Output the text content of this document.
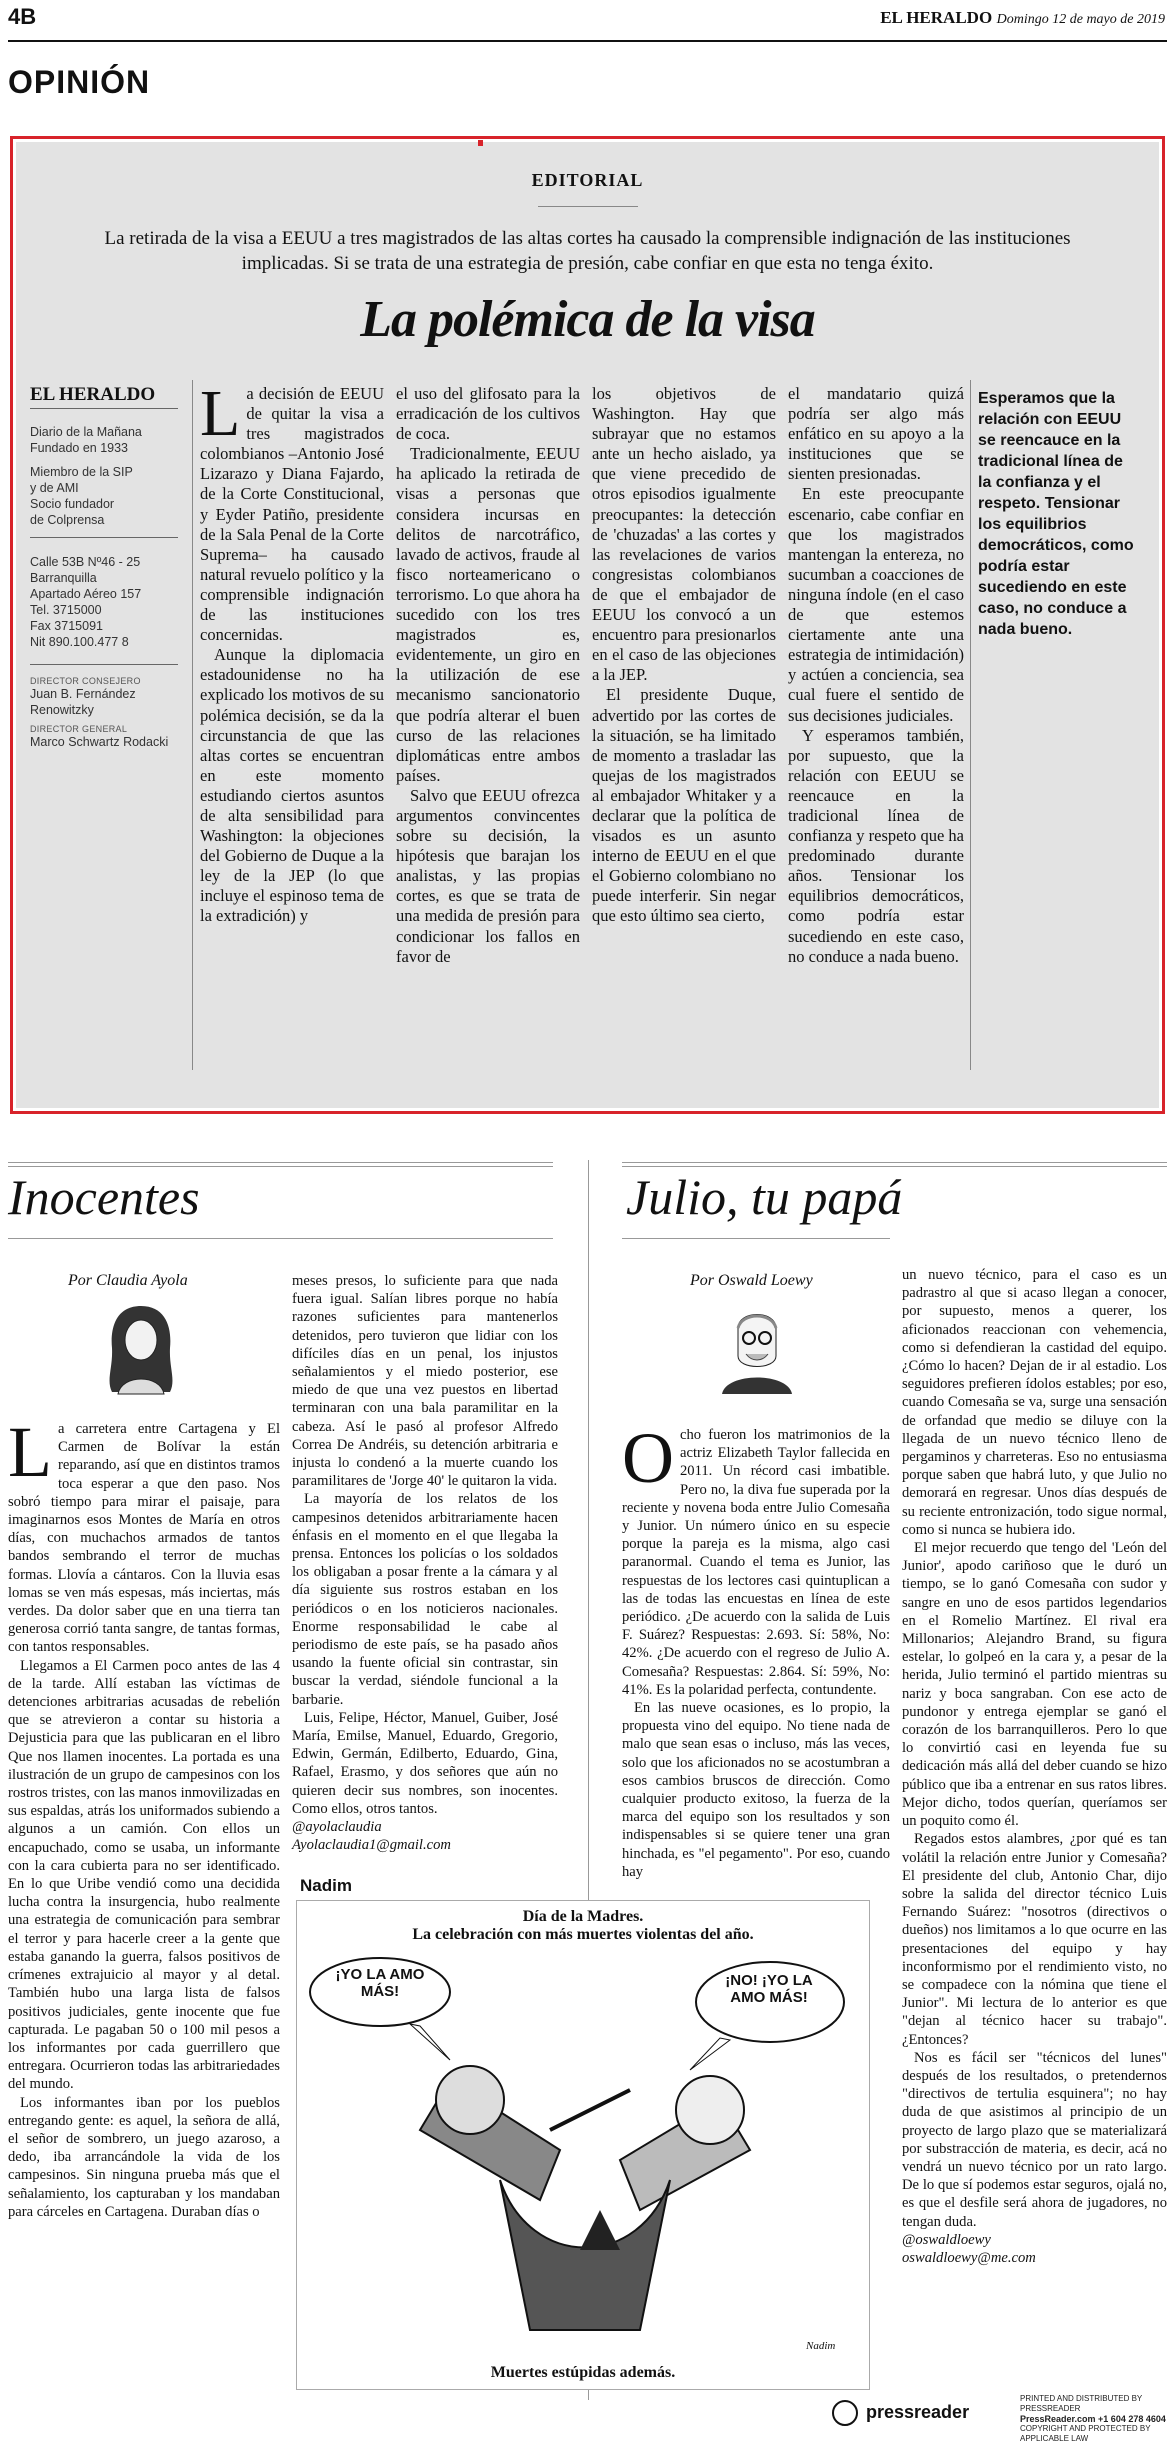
4B	EL HERALDO Domingo 12 de mayo de 2019
OPINIÓN
EDITORIAL
La retirada de la visa a EEUU a tres magistrados de las altas cortes ha causado la comprensible indignación de las instituciones implicadas. Si se trata de una estrategia de presión, cabe confiar en que esta no tenga éxito.
La polémica de la visa
EL HERALDO
Diario de la Mañana
Fundado en 1933
Miembro de la SIP
y de AMI
Socio fundador
de Colprensa
Calle 53B Nº46 - 25
Barranquilla
Apartado Aéreo 157
Tel. 3715000
Fax 3715091
Nit 890.100.477 8
DIRECTOR CONSEJERO
Juan B. Fernández
Renowitzky
DIRECTOR GENERAL
Marco Schwartz Rodacki

La decisión de EEUU de quitar la visa a tres magistrados colombianos –Antonio José Lizarazo y Diana Fajardo, de la Corte Constitucional, y Eyder Patiño, presidente de la Sala Penal de la Corte Suprema– ha causado natural revuelo político y la comprensible indignación de las instituciones concernidas.

Aunque la diplomacia estadounidense no ha explicado los motivos de su polémica decisión, se da la circunstancia de que las altas cortes se encuentran en este momento estudiando ciertos asuntos de alta sensibilidad para Washington: la objeciones del Gobierno de Duque a la ley de la JEP (lo que incluye el espinoso tema de la extradición) y

el uso del glifosato para la erradicación de los cultivos de coca.

Tradicionalmente, EEUU ha aplicado la retirada de visas a personas que considera incursas en delitos de narcotráfico, lavado de activos, fraude al fisco norteamericano o terrorismo. Lo que ahora ha sucedido con los tres magistrados es, evidentemente, un giro en la utilización de ese mecanismo sancionatorio que podría alterar el buen curso de las relaciones diplomáticas entre ambos países.

Salvo que EEUU ofrezca argumentos convincentes sobre su decisión, la hipótesis que barajan los analistas, y las propias cortes, es que se trata de una medida de presión para condicionar los fallos en favor de

los objetivos de Washington. Hay que subrayar que no estamos ante un hecho aislado, ya que viene precedido de otros episodios igualmente preocupantes: la detección de 'chuzadas' a las cortes y las revelaciones de varios congresistas colombianos de que el embajador de EEUU los convocó a un encuentro para presionarlos en el caso de las objeciones a la JEP.

El presidente Duque, advertido por las cortes de la situación, se ha limitado de momento a trasladar las quejas de los magistrados al embajador Whitaker y a declarar que la política de visados es un asunto interno de EEUU en el que el Gobierno colombiano no puede interferir. Sin negar que esto último sea cierto,

el mandatario quizá podría ser algo más enfático en su apoyo a la instituciones que se sienten presionadas.

En este preocupante escenario, cabe confiar en que los magistrados mantengan la entereza, no sucumban a coacciones de ninguna índole (en el caso de que estemos ciertamente ante una estrategia de intimidación) y actúen a conciencia, sea cual fuere el sentido de sus decisiones judiciales.

Y esperamos también, por supuesto, que la relación con EEUU se reencauce en la tradicional línea de confianza y respeto que ha predominado durante años. Tensionar los equilibrios democráticos, como podría estar sucediendo en este caso, no conduce a nada bueno.

Esperamos que la relación con EEUU se reencauce en la tradicional línea de la confianza y el respeto. Tensionar los equilibrios democráticos, como podría estar sucediendo en este caso, no conduce a nada bueno.
Inocentes
Por Claudia Ayola

La carretera entre Cartagena y El Carmen de Bolívar la están reparando, así que en distintos tramos toca esperar a que den paso. Nos sobró tiempo para mirar el paisaje, para imaginarnos esos Montes de María en otros días, con muchachos armados de tantos bandos sembrando el terror de muchas formas. Llovía a cántaros. Con la lluvia esas lomas se ven más espesas, más inciertas, más verdes. Da dolor saber que en una tierra tan generosa corrió tanta sangre, de tantas formas, con tantos responsables.

Llegamos a El Carmen poco antes de las 4 de la tarde. Allí estaban las víctimas de detenciones arbitrarias acusadas de rebelión que se atrevieron a contar su historia a Dejusticia para que las publicaran en el libro Que nos llamen inocentes. La portada es una ilustración de un grupo de campesinos con los rostros tristes, con las manos inmovilizadas en sus espaldas, atrás los uniformados subiendo a algunos a un camión. Con ellos un encapuchado, como se usaba, un informante con la cara cubierta para no ser identificado. En lo que Uribe vendió como una decidida lucha contra la insurgencia, hubo realmente una estrategia de comunicación para sembrar el terror y para hacerle creer a la gente que estaba ganando la guerra, falsos positivos de crímenes extrajuicio al mayor y al detal. También hubo una larga lista de falsos positivos judiciales, gente inocente que fue capturada. Le pagaban 50 o 100 mil pesos a los informantes por cada guerrillero que entregara. Ocurrieron todas las arbitrariedades del mundo.

Los informantes iban por los pueblos entregando gente: es aquel, la señora de allá, el señor de sombrero, un juego azaroso, a dedo, iba arrancándole la vida de los campesinos. Sin ninguna prueba más que el señalamiento, los capturaban y los mandaban para cárceles en Cartagena. Duraban días o

meses presos, lo suficiente para que nada fuera igual. Salían libres porque no había razones suficientes para mantenerlos detenidos, pero tuvieron que lidiar con los difíciles días en un penal, los injustos señalamientos y el miedo posterior, ese miedo de que una vez puestos en libertad terminaran con una bala paramilitar en la cabeza. Así le pasó al profesor Alfredo Correa De Andréis, su detención arbitraria e injusta lo condenó a la muerte cuando los paramilitares de 'Jorge 40' le quitaron la vida.

La mayoría de los relatos de los campesinos detenidos arbitrariamente hacen énfasis en el momento en el que llegaba la prensa. Entonces los policías o los soldados los obligaban a posar frente a la cámara y al día siguiente sus rostros estaban en los periódicos o en los noticieros nacionales. Enorme responsabilidad le cabe al periodismo de este país, se ha pasado años usando la fuente oficial sin contrastar, sin buscar la verdad, siéndole funcional a la barbarie.

Luis, Felipe, Héctor, Manuel, Guiber, José María, Emilse, Manuel, Eduardo, Gregorio, Edwin, Germán, Edilberto, Eduardo, Gina, Rafael, Erasmo, y dos señores que aún no quieren decir sus nombres, son inocentes. Como ellos, otros tantos.

@ayolaclaudia
Ayolaclaudia1@gmail.com
Julio, tu papá
Por Oswald Loewy

Ocho fueron los matrimonios de la actriz Elizabeth Taylor fallecida en 2011. Un récord casi imbatible. Pero no, la diva fue superada por la reciente y novena boda entre Julio Comesaña y Junior. Un número único en su especie porque la pareja es la misma, algo casi paranormal. Cuando el tema es Junior, las respuestas de los lectores casi quintuplican a las de todas las encuestas en línea de este periódico. ¿De acuerdo con la salida de Luis F. Suárez? Respuestas: 2.693. Sí: 58%, No: 42%. ¿De acuerdo con el regreso de Julio A. Comesaña? Respuestas: 2.864. Sí: 59%, No: 41%. Es la polaridad perfecta, contundente.

En las nueve ocasiones, es lo propio, la propuesta vino del equipo. No tiene nada de malo que sean esas o incluso, más las veces, solo que los aficionados no se acostumbran a esos cambios bruscos de dirección. Como cualquier producto exitoso, la fuerza de la marca del equipo son los resultados y son indispensables si se quiere tener una gran hinchada, es "el pegamento". Por eso, cuando hay

un nuevo técnico, para el caso es un padrastro al que si acaso llegan a conocer, por supuesto, menos a querer, los aficionados reaccionan con vehemencia, como si defendieran la castidad del equipo. ¿Cómo lo hacen? Dejan de ir al estadio. Los seguidores prefieren ídolos estables; por eso, cuando Comesaña se va, surge una sensación de orfandad que medio se diluye con la llegada de un nuevo técnico lleno de pergaminos y charreteras. Eso no entusiasma porque saben que habrá luto, y que Julio no demorará en regresar. Unos días después de su reciente entronización, todo sigue normal, como si nunca se hubiera ido.

El mejor recuerdo que tengo del 'León del Junior', apodo cariñoso que le duró un tiempo, se lo ganó Comesaña con sudor y sangre en uno de esos partidos legendarios en el Romelio Martínez. El rival era Millonarios; Alejandro Brand, su figura estelar, lo golpeó en la cara y, a pesar de la herida, Julio terminó el partido mientras su nariz y boca sangraban. Con ese acto de pundonor y entrega ejemplar se ganó el corazón de los barranquilleros. Pero lo que lo convirtió casi en leyenda fue su dedicación más allá del deber cuando se hizo público que iba a entrenar en sus ratos libres. Mejor dicho, todos querían, queríamos ser un poquito como él.

Regados estos alambres, ¿por qué es tan volátil la relación entre Junior y Comesaña? El presidente del club, Antonio Char, dijo sobre la salida del director técnico Luis Fernando Suárez: "nosotros (directivos o dueños) nos limitamos a lo que ocurre en las presentaciones del equipo y hay inconformismo por el rendimiento visto, no se compadece con la nómina que tiene el Junior". Mi lectura de lo anterior es que "dejan al técnico hacer su trabajo". ¿Entonces?

Nos es fácil ser "técnicos del lunes" después de los resultados, o pretendernos "directivos de tertulia esquinera"; no hay duda de que asistimos al principio de un proyecto de largo plazo que se materializará por substracción de materia, es decir, acá no vendrá un nuevo técnico por un rato largo. De lo que sí podemos estar seguros, ojalá no, es que el desfile será ahora de jugadores, no tengan duda.

@oswaldloewy
oswaldloewy@me.com
Nadim
Día de la Madres.
La celebración con más muertes violentas del año.
¡YO LA AMO MÁS!
¡NO! ¡YO LA AMO MÁS!
Nadim
Muertes estúpidas además.
pressreader
PRINTED AND DISTRIBUTED BY PRESSREADER
PressReader.com +1 604 278 4604
COPYRIGHT AND PROTECTED BY APPLICABLE LAW
